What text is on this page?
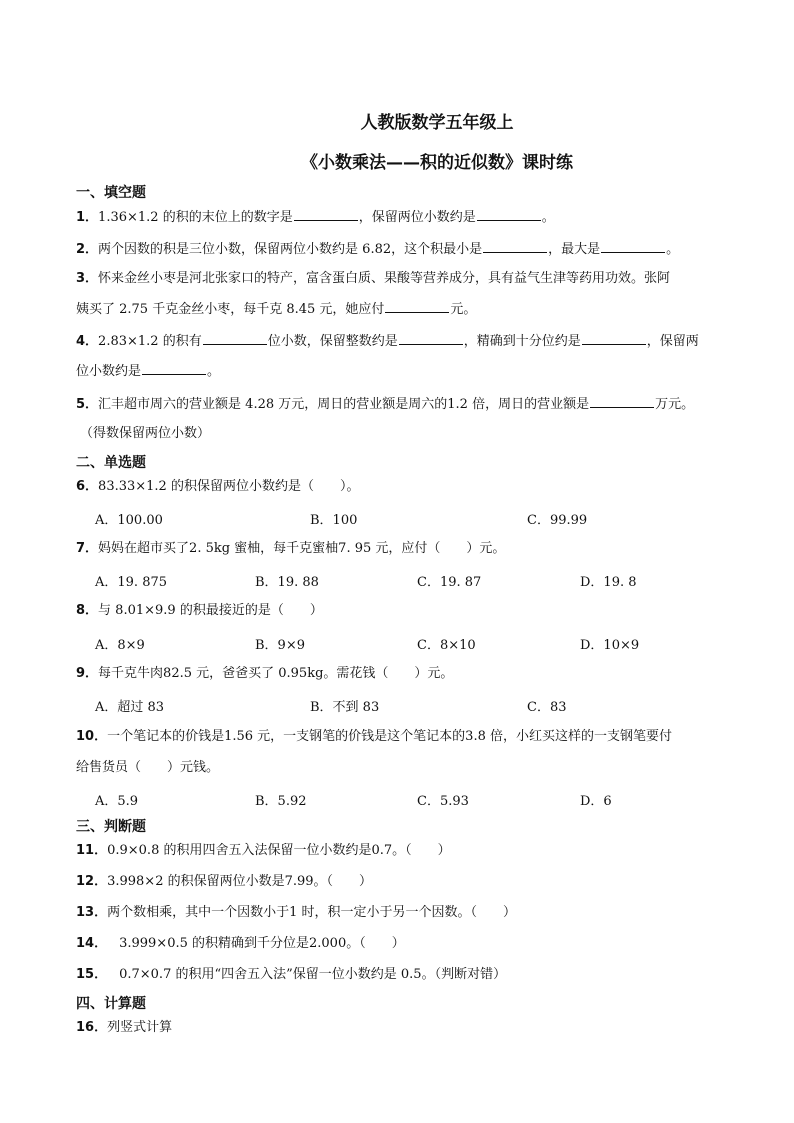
人教版数学五年级上
《小数乘法——积的近似数》课时练
一、填空题
1．1.36×1.2 的积的末位上的数字是	，保留两位小数约是	。
2．两个因数的积是三位小数，保留两位小数约是 6.82，这个积最小是	，最大是	。
3．怀来金丝小枣是河北张家口的特产，富含蛋白质、果酸等营养成分，具有益气生津等药用功效。张阿
姨买了 2.75 千克金丝小枣，每千克 8.45 元，她应付	元。
4．2.83×1.2 的积有	位小数，保留整数约是	，精确到十分位约是	，保留两
位小数约是	。
5．汇丰超市周六的营业额是 4.28 万元，周日的营业额是周六的1.2 倍，周日的营业额是	万元。
（得数保留两位小数）
二、单选题
6．83.33×1.2 的积保留两位小数约是（　　）。
A．100.00	B．100	C．99.99
7．妈妈在超市买了2. 5kg 蜜柚，每千克蜜柚7. 95 元，应付（　　）元。
A．19. 875	B．19. 88	C．19. 87	D．19. 8
8．与 8.01×9.9 的积最接近的是（　　）
A．8×9	B．9×9	C．8×10	D．10×9
9．每千克牛肉82.5 元，爸爸买了 0.95kg。需花钱（　　）元。
A．超过 83	B．不到 83	C．83
10．一个笔记本的价钱是1.56 元，一支钢笔的价钱是这个笔记本的3.8 倍，小红买这样的一支钢笔要付
给售货员（　　）元钱。
A．5.9	B．5.92	C．5.93	D．6
三、判断题
11．0.9×0.8 的积用四舍五入法保留一位小数约是0.7。（　　）
12．3.998×2 的积保留两位小数是7.99。（　　）
13．两个数相乘，其中一个因数小于1 时，积一定小于另一个因数。（　　）
14． 3.999×0.5 的积精确到千分位是2.000。（　　）
15． 0.7×0.7 的积用“四舍五入法”保留一位小数约是 0.5。（判断对错）
四、计算题
16．列竖式计算
